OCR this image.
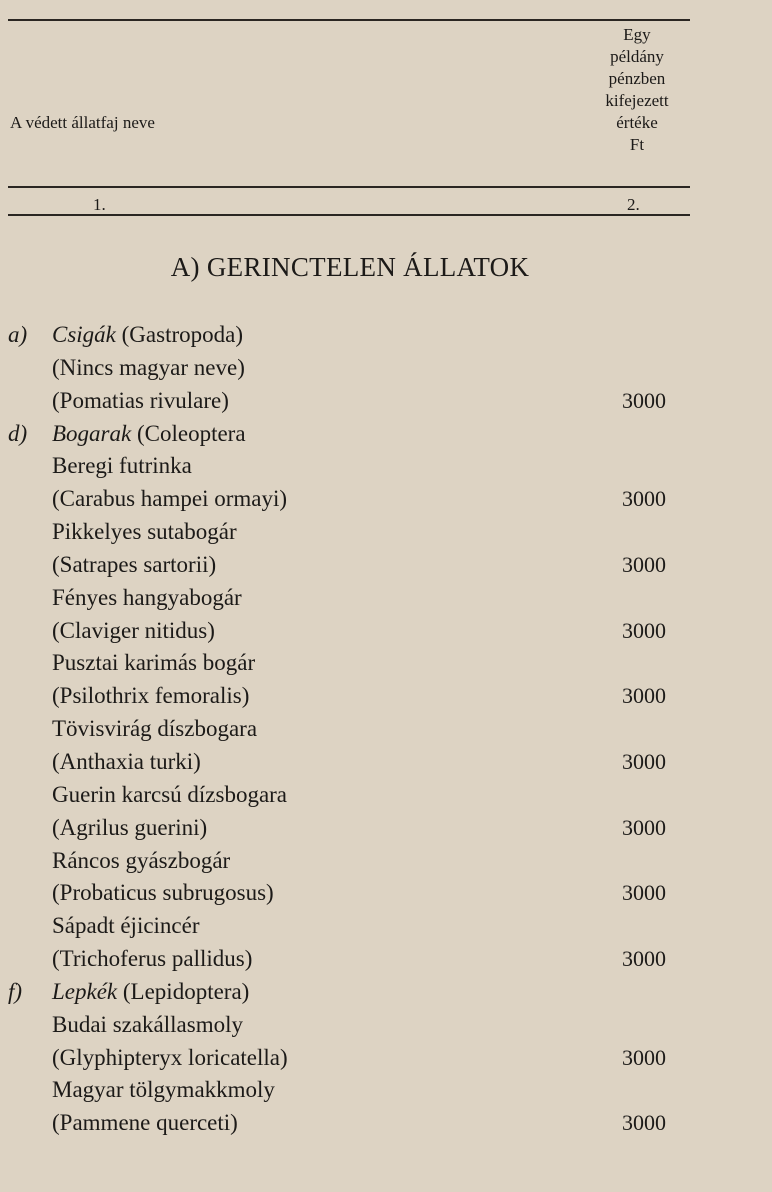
A védett állatfaj neve
Egy
példány
pénzben
kifejezett
értéke
Ft
1.	2.
A) GERINCTELEN ÁLLATOK
a) Csigák (Gastropoda)
(Nincs magyar neve)
(Pomatias rivulare)	3000
d) Bogarak (Coleoptera
Beregi futrinka
(Carabus hampei ormayi)	3000
Pikkelyes sutabogár
(Satrapes sartorii)	3000
Fényes hangyabogár
(Claviger nitidus)	3000
Pusztai karimás bogár
(Psilothrix femoralis)	3000
Tövisvirág díszbogara
(Anthaxia turki)	3000
Guerin karcsú dízsbogara
(Agrilus guerini)	3000
Ráncos gyászbogár
(Probaticus subrugosus)	3000
Sápadt éjicincér
(Trichoferus pallidus)	3000
f) Lepkék (Lepidoptera)
Budai szakállasmoly
(Glyphipteryx loricatella)	3000
Magyar tölgymakkmoly
(Pammene querceti)	3000
